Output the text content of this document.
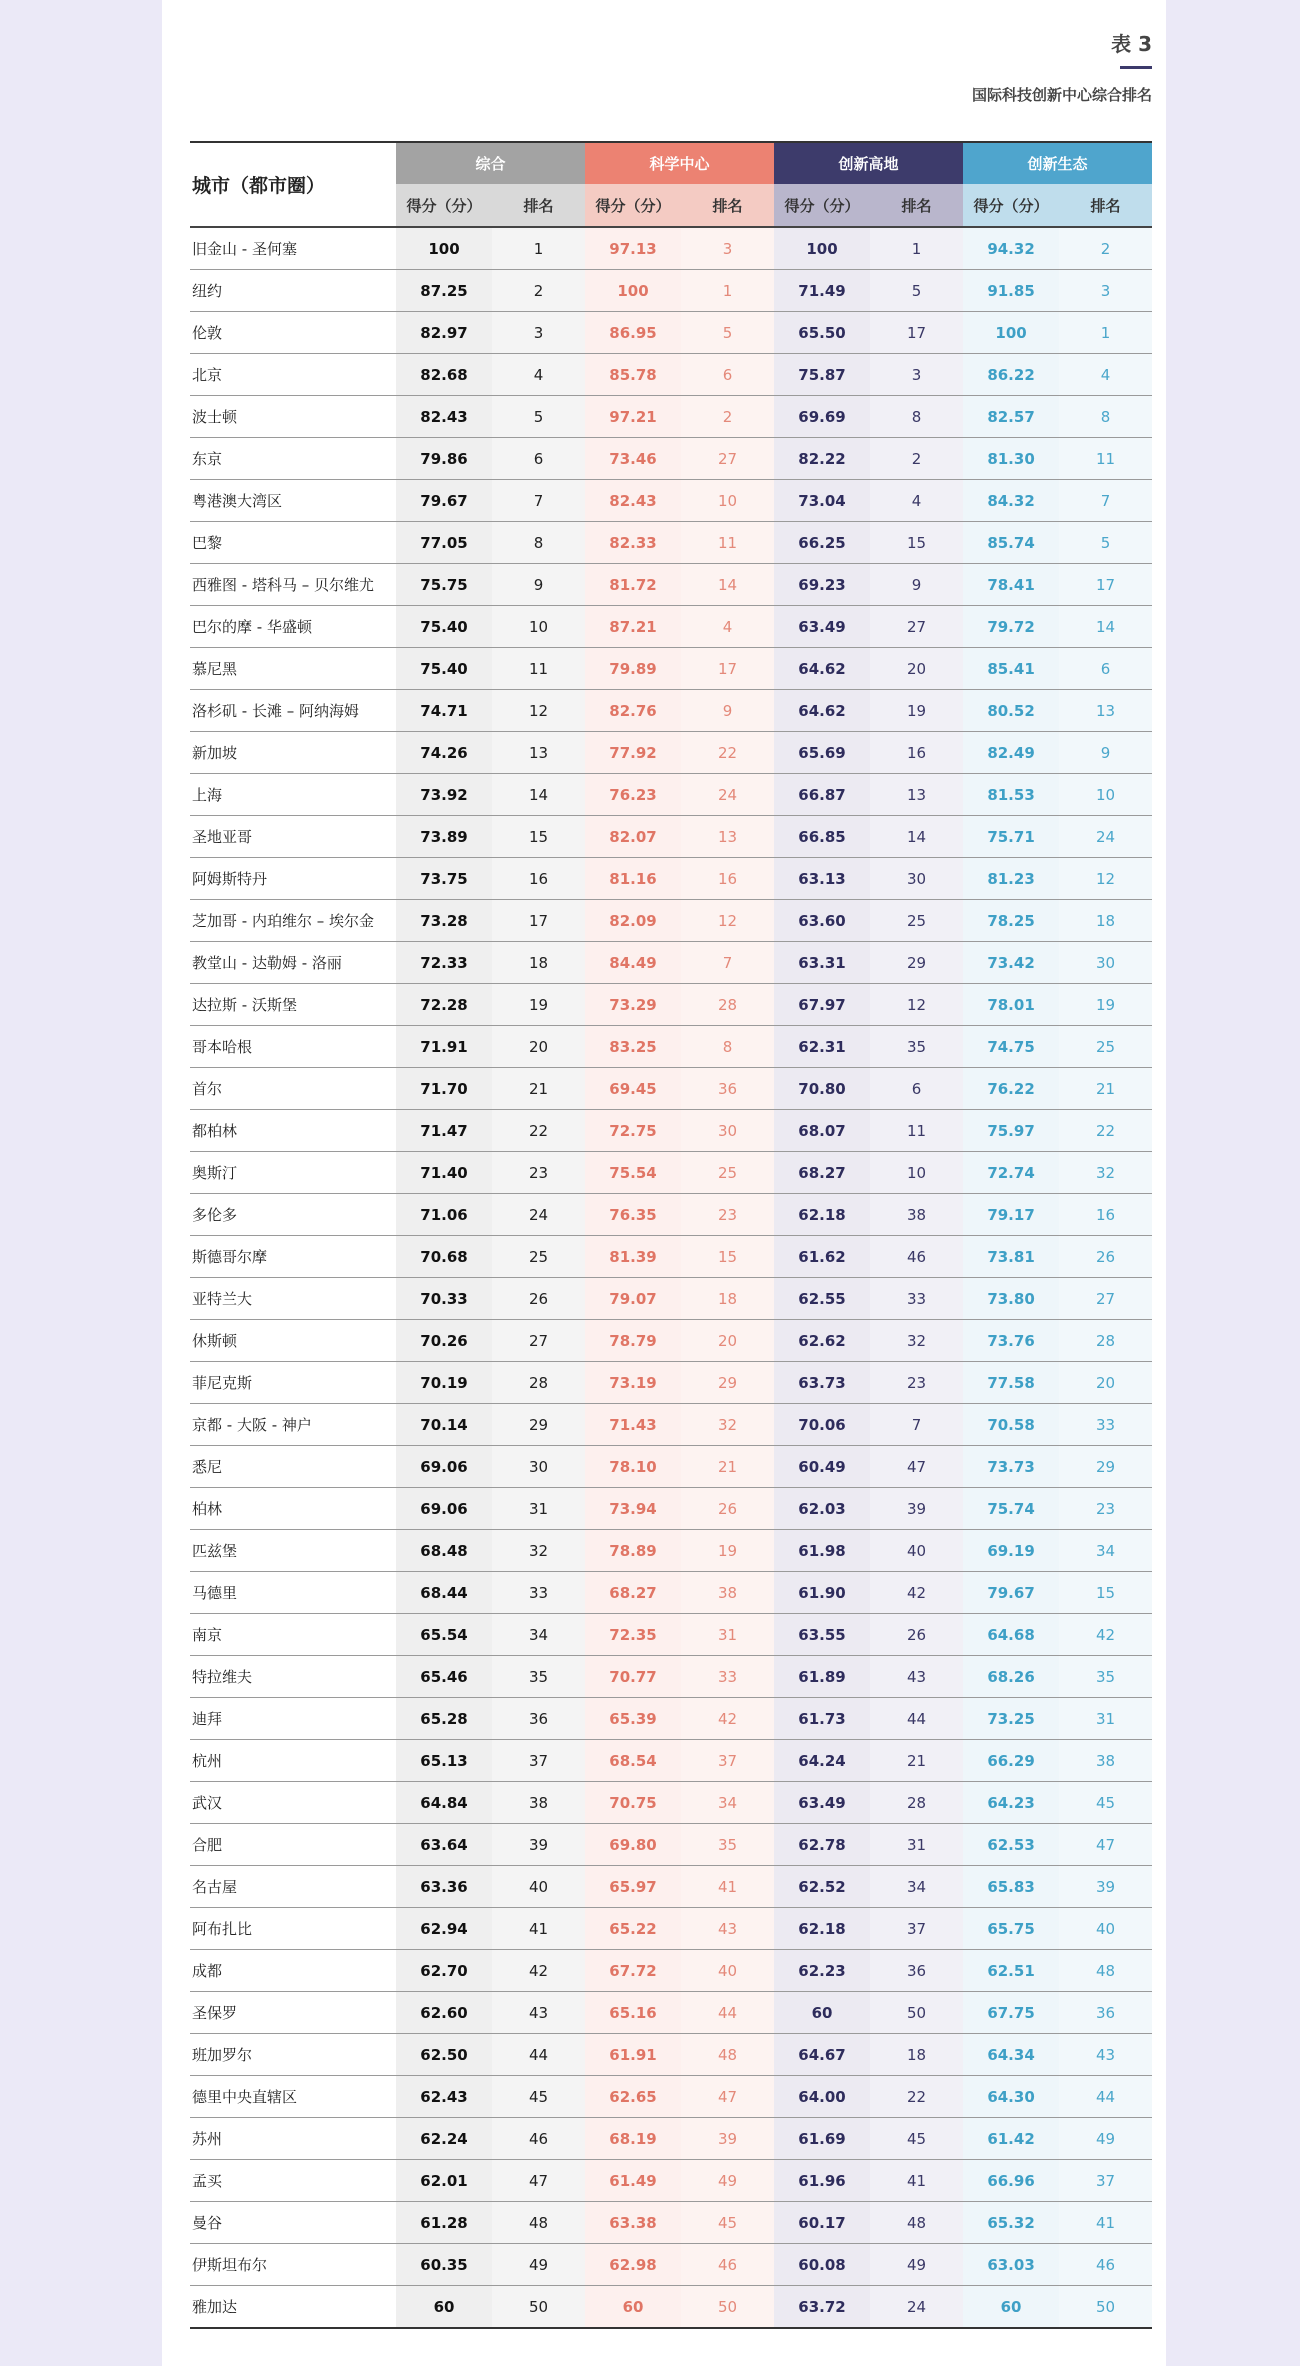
表 3
国际科技创新中心综合排名
城市（都市圈）	综合		科学中心		创新高地		创新生态	
	得分（分）	排名	得分（分）	排名	得分（分）	排名	得分（分）	排名
旧金山 - 圣何塞	100	1	97.13	3	100	1	94.32	2
纽约	87.25	2	100	1	71.49	5	91.85	3
伦敦	82.97	3	86.95	5	65.50	17	100	1
北京	82.68	4	85.78	6	75.87	3	86.22	4
波士顿	82.43	5	97.21	2	69.69	8	82.57	8
东京	79.86	6	73.46	27	82.22	2	81.30	11
粤港澳大湾区	79.67	7	82.43	10	73.04	4	84.32	7
巴黎	77.05	8	82.33	11	66.25	15	85.74	5
西雅图 - 塔科马 – 贝尔维尤	75.75	9	81.72	14	69.23	9	78.41	17
巴尔的摩 - 华盛顿	75.40	10	87.21	4	63.49	27	79.72	14
慕尼黑	75.40	11	79.89	17	64.62	20	85.41	6
洛杉矶 - 长滩 – 阿纳海姆	74.71	12	82.76	9	64.62	19	80.52	13
新加坡	74.26	13	77.92	22	65.69	16	82.49	9
上海	73.92	14	76.23	24	66.87	13	81.53	10
圣地亚哥	73.89	15	82.07	13	66.85	14	75.71	24
阿姆斯特丹	73.75	16	81.16	16	63.13	30	81.23	12
芝加哥 - 内珀维尔 – 埃尔金	73.28	17	82.09	12	63.60	25	78.25	18
教堂山 - 达勒姆 - 洛丽	72.33	18	84.49	7	63.31	29	73.42	30
达拉斯 - 沃斯堡	72.28	19	73.29	28	67.97	12	78.01	19
哥本哈根	71.91	20	83.25	8	62.31	35	74.75	25
首尔	71.70	21	69.45	36	70.80	6	76.22	21
都柏林	71.47	22	72.75	30	68.07	11	75.97	22
奥斯汀	71.40	23	75.54	25	68.27	10	72.74	32
多伦多	71.06	24	76.35	23	62.18	38	79.17	16
斯德哥尔摩	70.68	25	81.39	15	61.62	46	73.81	26
亚特兰大	70.33	26	79.07	18	62.55	33	73.80	27
休斯顿	70.26	27	78.79	20	62.62	32	73.76	28
菲尼克斯	70.19	28	73.19	29	63.73	23	77.58	20
京都 - 大阪 - 神户	70.14	29	71.43	32	70.06	7	70.58	33
悉尼	69.06	30	78.10	21	60.49	47	73.73	29
柏林	69.06	31	73.94	26	62.03	39	75.74	23
匹兹堡	68.48	32	78.89	19	61.98	40	69.19	34
马德里	68.44	33	68.27	38	61.90	42	79.67	15
南京	65.54	34	72.35	31	63.55	26	64.68	42
特拉维夫	65.46	35	70.77	33	61.89	43	68.26	35
迪拜	65.28	36	65.39	42	61.73	44	73.25	31
杭州	65.13	37	68.54	37	64.24	21	66.29	38
武汉	64.84	38	70.75	34	63.49	28	64.23	45
合肥	63.64	39	69.80	35	62.78	31	62.53	47
名古屋	63.36	40	65.97	41	62.52	34	65.83	39
阿布扎比	62.94	41	65.22	43	62.18	37	65.75	40
成都	62.70	42	67.72	40	62.23	36	62.51	48
圣保罗	62.60	43	65.16	44	60	50	67.75	36
班加罗尔	62.50	44	61.91	48	64.67	18	64.34	43
德里中央直辖区	62.43	45	62.65	47	64.00	22	64.30	44
苏州	62.24	46	68.19	39	61.69	45	61.42	49
孟买	62.01	47	61.49	49	61.96	41	66.96	37
曼谷	61.28	48	63.38	45	60.17	48	65.32	41
伊斯坦布尔	60.35	49	62.98	46	60.08	49	63.03	46
雅加达	60	50	60	50	63.72	24	60	50
